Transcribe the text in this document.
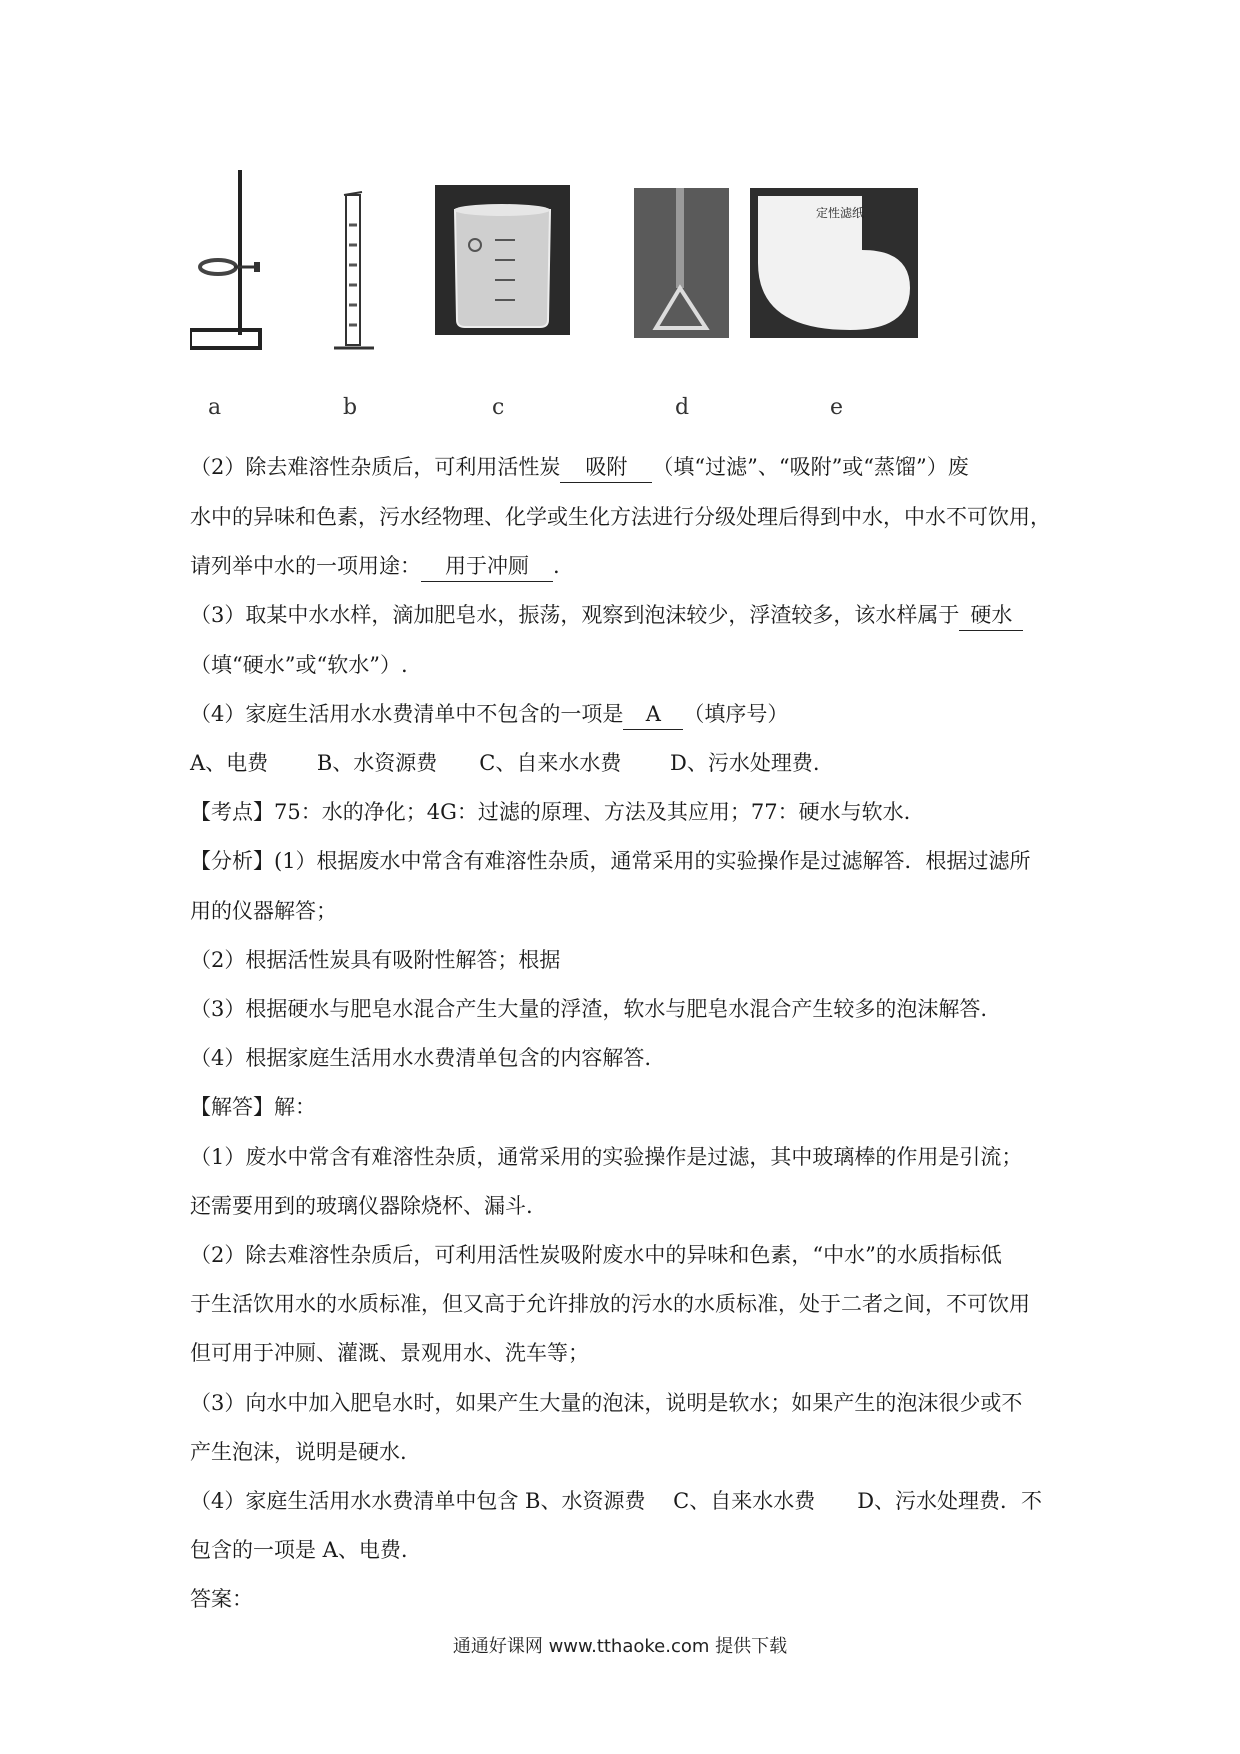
a	b	c	d
定性滤纸
e
（2）除去难溶性杂质后，可利用活性炭 吸附 （填“过滤”、“吸附”或“蒸馏”）废
水中的异味和色素，污水经物理、化学或生化方法进行分级处理后得到中水，中水不可饮用，
请列举中水的一项用途： 用于冲厕 .
（3）取某中水水样，滴加肥皂水，振荡，观察到泡沫较少，浮渣较多，该水样属于 硬水
（填“硬水”或“软水”）.
（4）家庭生活用水水费清单中不包含的一项是 A （填序号）
A、电费　　 B、水资源费　　C、自来水水费　　 D、污水处理费.
【考点】75：水的净化；4G：过滤的原理、方法及其应用；77：硬水与软水.
【分析】(1）根据废水中常含有难溶性杂质，通常采用的实验操作是过滤解答．根据过滤所
用的仪器解答；
（2）根据活性炭具有吸附性解答；根据
（3）根据硬水与肥皂水混合产生大量的浮渣，软水与肥皂水混合产生较多的泡沫解答.
（4）根据家庭生活用水水费清单包含的内容解答.
【解答】解：
（1）废水中常含有难溶性杂质，通常采用的实验操作是过滤，其中玻璃棒的作用是引流；
还需要用到的玻璃仪器除烧杯、漏斗.
（2）除去难溶性杂质后，可利用活性炭吸附废水中的异味和色素，“中水”的水质指标低
于生活饮用水的水质标准，但又高于允许排放的污水的水质标准，处于二者之间，不可饮用
但可用于冲厕、灌溉、景观用水、洗车等；
（3）向水中加入肥皂水时，如果产生大量的泡沫，说明是软水；如果产生的泡沫很少或不
产生泡沫，说明是硬水.
（4）家庭生活用水水费清单中包含 B、水资源费　 C、自来水水费　　D、污水处理费．不
包含的一项是 A、电费.
答案：
通通好课网 www.tthaoke.com 提供下载
